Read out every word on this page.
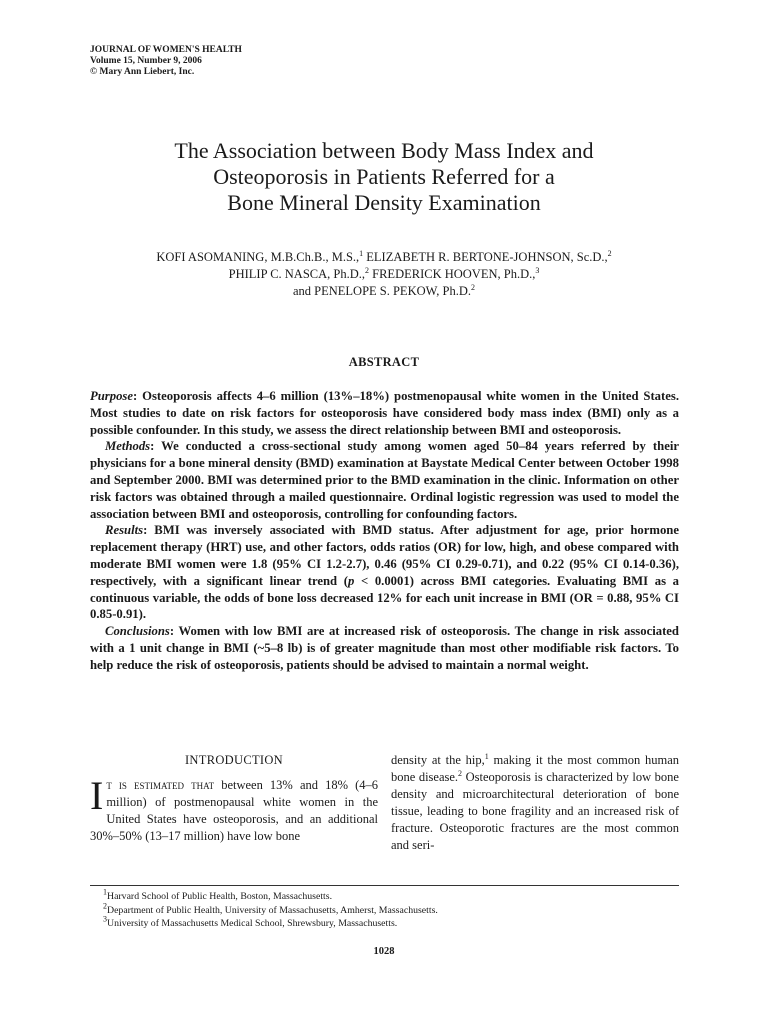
JOURNAL OF WOMEN'S HEALTH
Volume 15, Number 9, 2006
© Mary Ann Liebert, Inc.
The Association between Body Mass Index and
Osteoporosis in Patients Referred for a
Bone Mineral Density Examination
KOFI ASOMANING, M.B.Ch.B., M.S.,$^1$ ELIZABETH R. BERTONE-JOHNSON, Sc.D.,$^2$
PHILIP C. NASCA, Ph.D.,$^2$ FREDERICK HOOVEN, Ph.D.,$^3$
and PENELOPE S. PEKOW, Ph.D.$^2$
ABSTRACT

Purpose: Osteoporosis affects 4–6 million (13%–18%) postmenopausal white women in the United States. Most studies to date on risk factors for osteoporosis have considered body mass index (BMI) only as a possible confounder. In this study, we assess the direct relationship between BMI and osteoporosis.

Methods: We conducted a cross-sectional study among women aged 50–84 years referred by their physicians for a bone mineral density (BMD) examination at Baystate Medical Center between October 1998 and September 2000. BMI was determined prior to the BMD examination in the clinic. Information on other risk factors was obtained through a mailed questionnaire. Ordinal logistic regression was used to model the association between BMI and osteoporosis, controlling for confounding factors.

Results: BMI was inversely associated with BMD status. After adjustment for age, prior hormone replacement therapy (HRT) use, and other factors, odds ratios (OR) for low, high, and obese compared with moderate BMI women were 1.8 (95% CI 1.2-2.7), 0.46 (95% CI 0.29-0.71), and 0.22 (95% CI 0.14-0.36), respectively, with a significant linear trend (p < 0.0001) across BMI categories. Evaluating BMI as a continuous variable, the odds of bone loss decreased 12% for each unit increase in BMI (OR = 0.88, 95% CI 0.85-0.91).

Conclusions: Women with low BMI are at increased risk of osteoporosis. The change in risk associated with a 1 unit change in BMI (~5–8 lb) is of greater magnitude than most other modifiable risk factors. To help reduce the risk of osteoporosis, patients should be advised to maintain a normal weight.

INTRODUCTION
It is estimated that between 13% and 18% (4–6 million) of postmenopausal white women in the United States have osteoporosis, and an additional 30%–50% (13–17 million) have low bone
density at the hip,$^1$ making it the most common human bone disease.$^2$ Osteoporosis is characterized by low bone density and microarchitectural deterioration of bone tissue, leading to bone fragility and an increased risk of fracture. Osteoporotic fractures are the most common and seri-
$^1$Harvard School of Public Health, Boston, Massachusetts.
$^2$Department of Public Health, University of Massachusetts, Amherst, Massachusetts.
$^3$University of Massachusetts Medical School, Shrewsbury, Massachusetts.
1028
